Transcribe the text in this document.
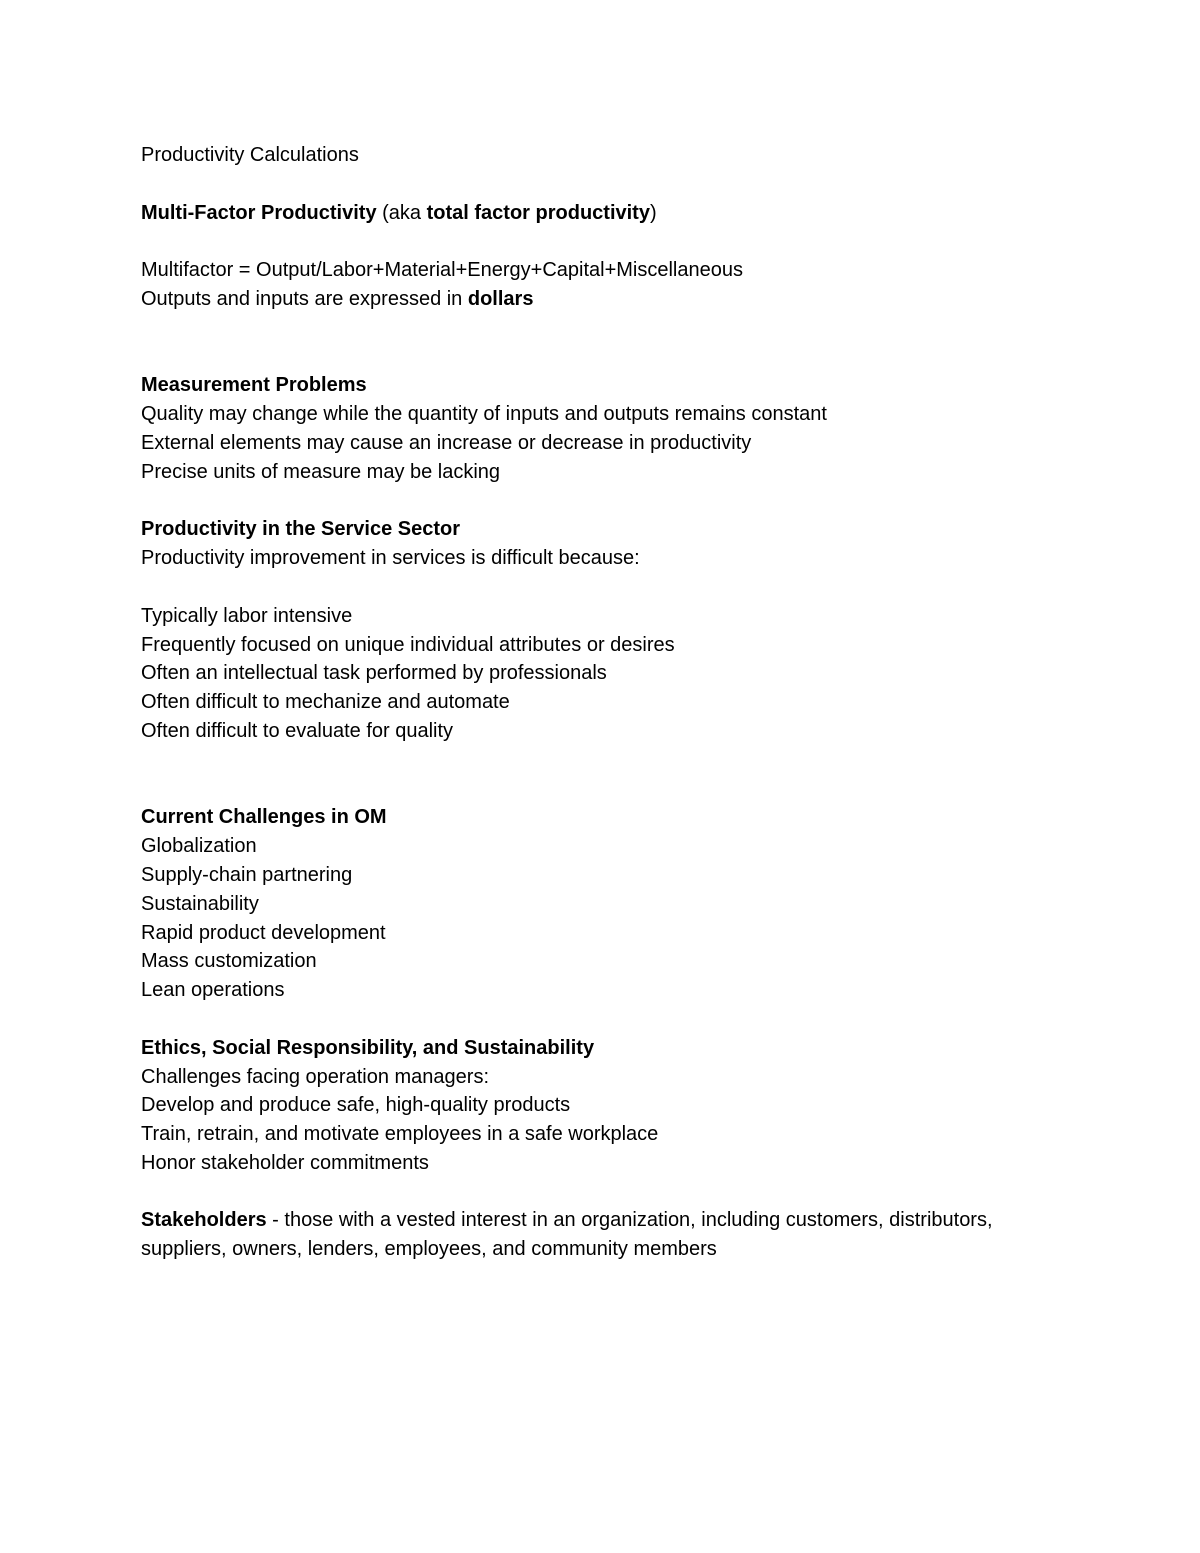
Productivity Calculations

Multi-Factor Productivity (aka total factor productivity)

Multifactor = Output/Labor+Material+Energy+Capital+Miscellaneous

Outputs and inputs are expressed in dollars

Measurement Problems

Quality may change while the quantity of inputs and outputs remains constant

External elements may cause an increase or decrease in productivity

Precise units of measure may be lacking

Productivity in the Service Sector

Productivity improvement in services is difficult because:

Typically labor intensive

Frequently focused on unique individual attributes or desires

Often an intellectual task performed by professionals

Often difficult to mechanize and automate

Often difficult to evaluate for quality

Current Challenges in OM

Globalization

Supply-chain partnering

Sustainability

Rapid product development

Mass customization

Lean operations

Ethics, Social Responsibility, and Sustainability

Challenges facing operation managers:

Develop and produce safe, high-quality products

Train, retrain, and motivate employees in a safe workplace

Honor stakeholder commitments

Stakeholders - those with a vested interest in an organization, including customers, distributors, suppliers, owners, lenders, employees, and community members
